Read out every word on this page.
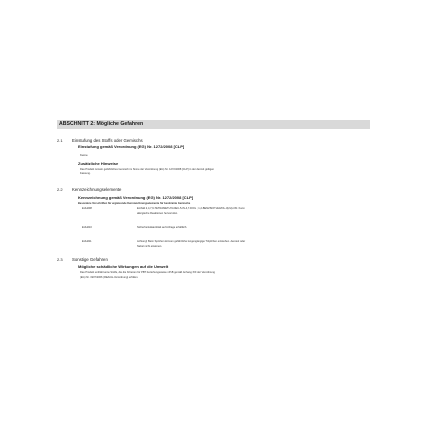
ABSCHNITT 2: Mögliche Gefahren
2.1 Einstufung des Stoffs oder Gemischs
Einstufung gemäß Verordnung (EG) Nr. 1272/2008 [CLP]
Keine
Zusätzliche Hinweise
Das Produkt ist kein gefährliches Gemisch im Sinne der Verordnung (EG) Nr. 1272/2008 [CLP] in der derzeit gültigen
Fassung.
2.2 Kennzeichnungselemente
Kennzeichnung gemäß Verordnung (EG) Nr. 1272/2008 [CLP]
Besondere Vorschriften für ergänzende Kennzeichnungselemente für bestimmte Gemische
EUH208	Enthält 2,4,7,9-TETRAMETHYLDEC-5-IN-4,7-DIOL ; 1,2-BENZISOTHIAZOL-3(2H)-ON. Kann
allergische Reaktionen hervorrufen.
EUH210	Sicherheitsdatenblatt auf Anfrage erhältlich.
EUH211	Achtung! Beim Sprühen können gefährliche lungengängige Tröpfchen entstehen. Aerosol oder
Nebel nicht einatmen.
2.3 Sonstige Gefahren
Mögliche schädliche Wirkungen auf die Umwelt
Das Produkt enthält keine Stoffe, die die Kriterien für PBT beziehungsweise vPvB gemäß Anhang XIII der Verordnung
(EG) Nr. 1907/2006 (REACH-Verordnung) erfüllen.
